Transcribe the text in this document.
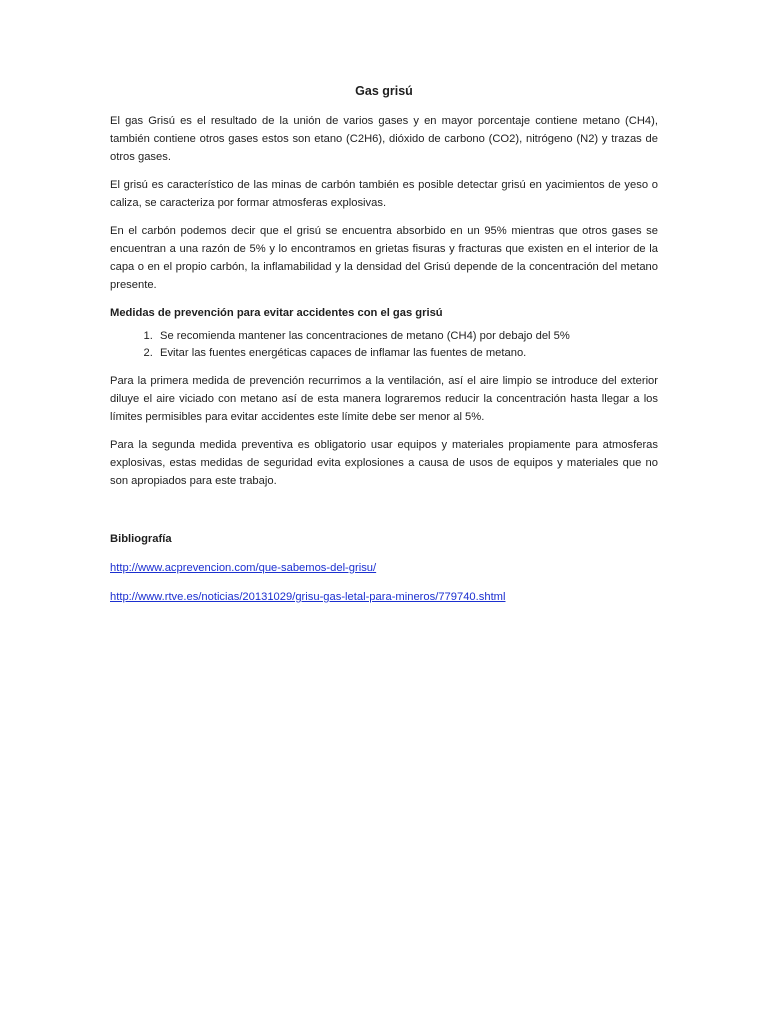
Gas grisú

El gas Grisú es el resultado de la unión de varios gases y en mayor porcentaje contiene metano (CH4), también contiene otros gases estos son etano (C2H6), dióxido de carbono (CO2), nitrógeno (N2) y trazas de otros gases.

El grisú es característico de las minas de carbón también es posible detectar grisú en yacimientos de yeso o caliza, se caracteriza por formar atmosferas explosivas.

En el carbón podemos decir que el grisú se encuentra absorbido en un 95% mientras que otros gases se encuentran a una razón de 5% y lo encontramos en grietas fisuras y fracturas que existen en el interior de la capa o en el propio carbón, la inflamabilidad y la densidad del Grisú depende de la concentración del metano presente.

Medidas de prevención para evitar accidentes con el gas grisú
1. Se recomienda mantener las concentraciones de metano (CH4) por debajo del 5%
2. Evitar las fuentes energéticas capaces de inflamar las fuentes de metano.

Para la primera medida de prevención recurrimos a la ventilación, así el aire limpio se introduce del exterior diluye el aire viciado con metano así de esta manera lograremos reducir la concentración hasta llegar a los límites permisibles para evitar accidentes este límite debe ser menor al 5%.

Para la segunda medida preventiva es obligatorio usar equipos y materiales propiamente para atmosferas explosivas, estas medidas de seguridad evita explosiones a causa de usos de equipos y materiales que no son apropiados para este trabajo.

Bibliografía
http://www.acprevencion.com/que-sabemos-del-grisu/
http://www.rtve.es/noticias/20131029/grisu-gas-letal-para-mineros/779740.shtml
